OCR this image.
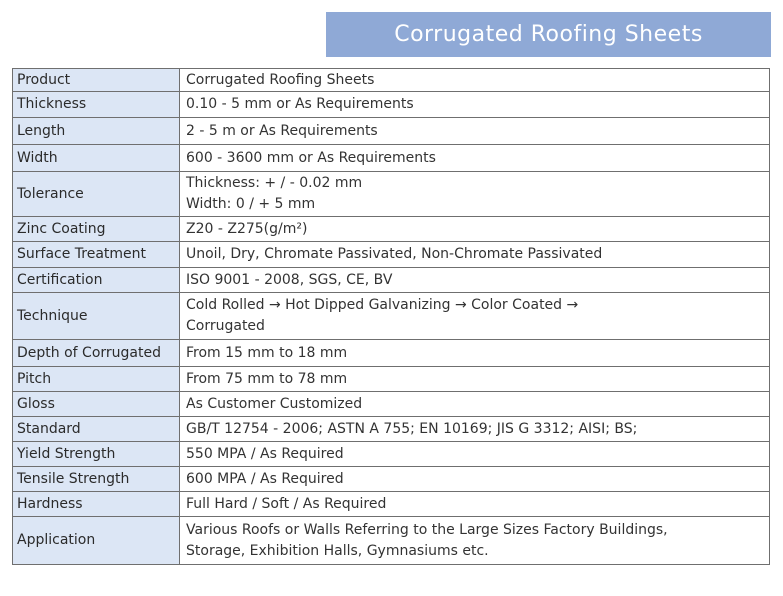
Corrugated Roofing Sheets
Product	Corrugated Roofing Sheets

Thickness	0.10 - 5 mm or As Requirements

Length	2 - 5 m or As Requirements

Width	600 - 3600 mm or As Requirements

Tolerance	Thickness: + / - 0.02 mm
Width: 0 / + 5 mm

Zinc Coating	Z20 - Z275(g/m²)

Surface Treatment	Unoil, Dry, Chromate Passivated, Non-Chromate Passivated

Certification	ISO 9001 - 2008, SGS, CE, BV

Technique	Cold Rolled → Hot Dipped Galvanizing → Color Coated →
Corrugated

Depth of Corrugated	From 15 mm to 18 mm

Pitch	From 75 mm to 78 mm

Gloss	As Customer Customized

Standard	GB/T 12754 - 2006; ASTN A 755; EN 10169; JIS G 3312; AISI; BS;

Yield Strength	550 MPA / As Required

Tensile Strength	600 MPA / As Required

Hardness	Full Hard / Soft / As Required

Application	Various Roofs or Walls Referring to the Large Sizes Factory Buildings,
Storage, Exhibition Halls, Gymnasiums etc.
